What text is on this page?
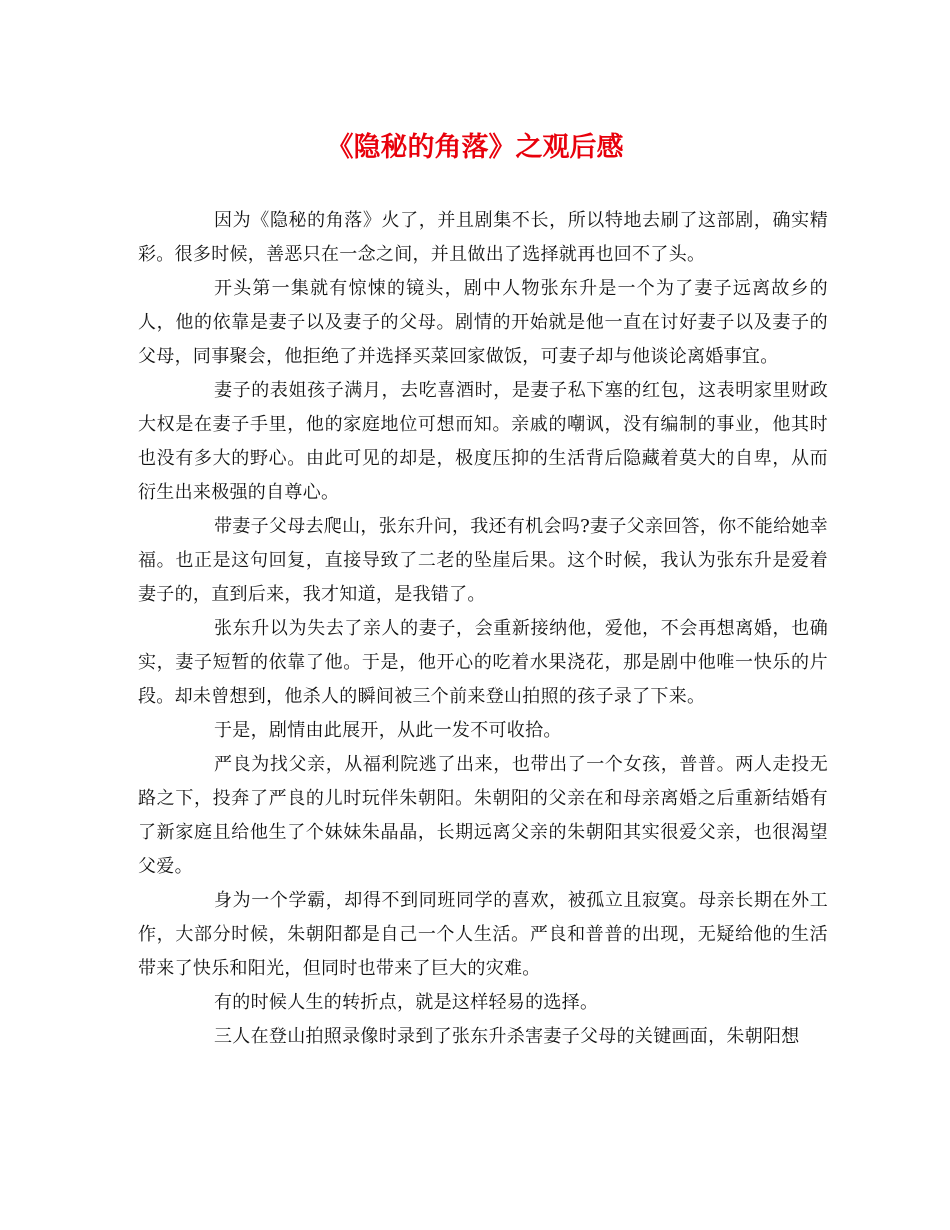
《隐秘的角落》之观后感

因为《隐秘的角落》火了，并且剧集不长，所以特地去刷了这部剧，确实精彩。很多时候，善恶只在一念之间，并且做出了选择就再也回不了头。

开头第一集就有惊悚的镜头，剧中人物张东升是一个为了妻子远离故乡的人，他的依靠是妻子以及妻子的父母。剧情的开始就是他一直在讨好妻子以及妻子的父母，同事聚会，他拒绝了并选择买菜回家做饭，可妻子却与他谈论离婚事宜。

妻子的表姐孩子满月，去吃喜酒时，是妻子私下塞的红包，这表明家里财政大权是在妻子手里，他的家庭地位可想而知。亲戚的嘲讽，没有编制的事业，他其时也没有多大的野心。由此可见的却是，极度压抑的生活背后隐藏着莫大的自卑，从而衍生出来极强的自尊心。

带妻子父母去爬山，张东升问，我还有机会吗?妻子父亲回答，你不能给她幸福。也正是这句回复，直接导致了二老的坠崖后果。这个时候，我认为张东升是爱着妻子的，直到后来，我才知道，是我错了。

张东升以为失去了亲人的妻子，会重新接纳他，爱他，不会再想离婚，也确实，妻子短暂的依靠了他。于是，他开心的吃着水果浇花，那是剧中他唯一快乐的片段。却未曾想到，他杀人的瞬间被三个前来登山拍照的孩子录了下来。

于是，剧情由此展开，从此一发不可收拾。

严良为找父亲，从福利院逃了出来，也带出了一个女孩，普普。两人走投无路之下，投奔了严良的儿时玩伴朱朝阳。朱朝阳的父亲在和母亲离婚之后重新结婚有了新家庭且给他生了个妹妹朱晶晶，长期远离父亲的朱朝阳其实很爱父亲，也很渴望父爱。

身为一个学霸，却得不到同班同学的喜欢，被孤立且寂寞。母亲长期在外工作，大部分时候，朱朝阳都是自己一个人生活。严良和普普的出现，无疑给他的生活带来了快乐和阳光，但同时也带来了巨大的灾难。

有的时候人生的转折点，就是这样轻易的选择。

三人在登山拍照录像时录到了张东升杀害妻子父母的关键画面，朱朝阳想
